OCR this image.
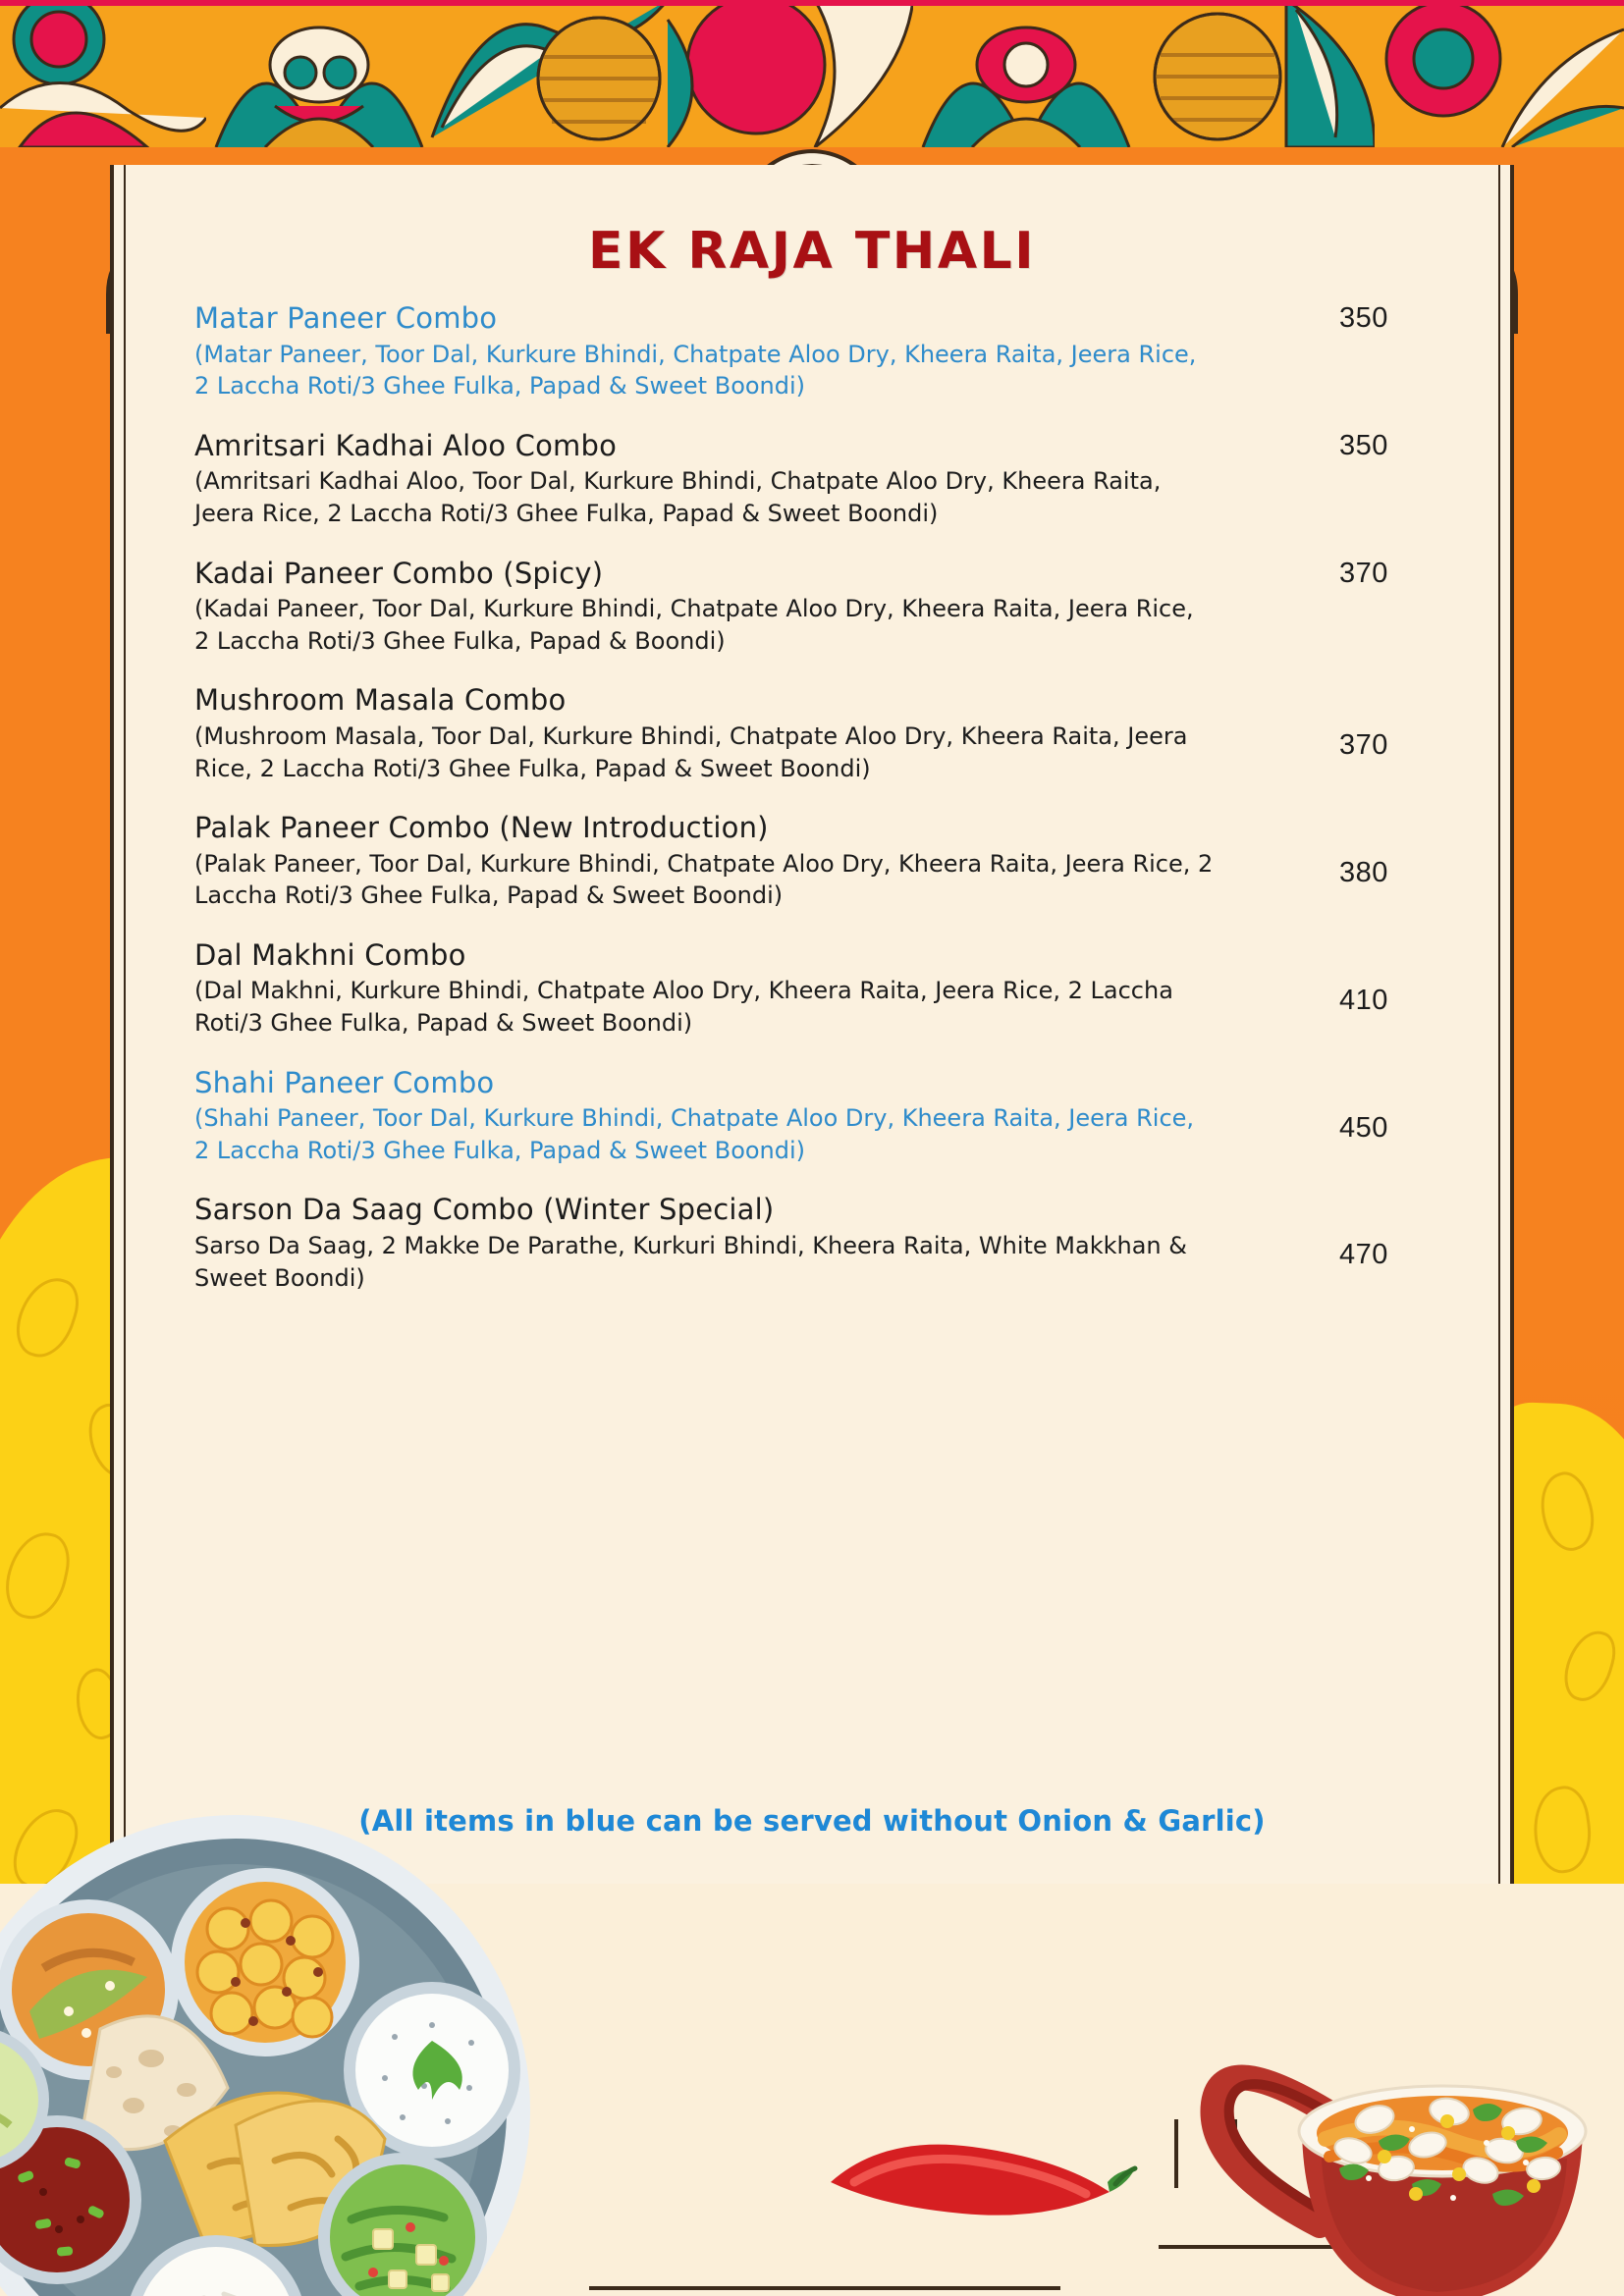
EK RAJA THALI
Matar Paneer Combo
(Matar Paneer, Toor Dal, Kurkure Bhindi, Chatpate Aloo Dry, Kheera Raita, Jeera Rice, 2 Laccha Roti/3 Ghee Fulka, Papad & Sweet Boondi)
350
Amritsari Kadhai Aloo Combo
(Amritsari Kadhai Aloo, Toor Dal, Kurkure Bhindi, Chatpate Aloo Dry, Kheera Raita, Jeera Rice, 2 Laccha Roti/3 Ghee Fulka, Papad & Sweet Boondi)
350
Kadai Paneer Combo (Spicy)
(Kadai Paneer, Toor Dal, Kurkure Bhindi, Chatpate Aloo Dry, Kheera Raita, Jeera Rice, 2 Laccha Roti/3 Ghee Fulka, Papad & Boondi)
370
Mushroom Masala Combo
(Mushroom Masala, Toor Dal, Kurkure Bhindi, Chatpate Aloo Dry, Kheera Raita, Jeera Rice, 2 Laccha Roti/3 Ghee Fulka, Papad & Sweet Boondi)
370
Palak Paneer Combo (New Introduction)
(Palak Paneer, Toor Dal, Kurkure Bhindi, Chatpate Aloo Dry, Kheera Raita, Jeera Rice, 2 Laccha Roti/3 Ghee Fulka, Papad & Sweet Boondi)
380
Dal Makhni Combo
(Dal Makhni, Kurkure Bhindi, Chatpate Aloo Dry, Kheera Raita, Jeera Rice, 2 Laccha Roti/3 Ghee Fulka, Papad & Sweet Boondi)
410
Shahi Paneer Combo
(Shahi Paneer, Toor Dal, Kurkure Bhindi, Chatpate Aloo Dry, Kheera Raita, Jeera Rice, 2 Laccha Roti/3 Ghee Fulka, Papad & Sweet Boondi)
450
Sarson Da Saag Combo (Winter Special)
Sarso Da Saag, 2 Makke De Parathe, Kurkuri Bhindi, Kheera Raita, White Makkhan & Sweet Boondi)
470
(All items in blue can be served without Onion & Garlic)
